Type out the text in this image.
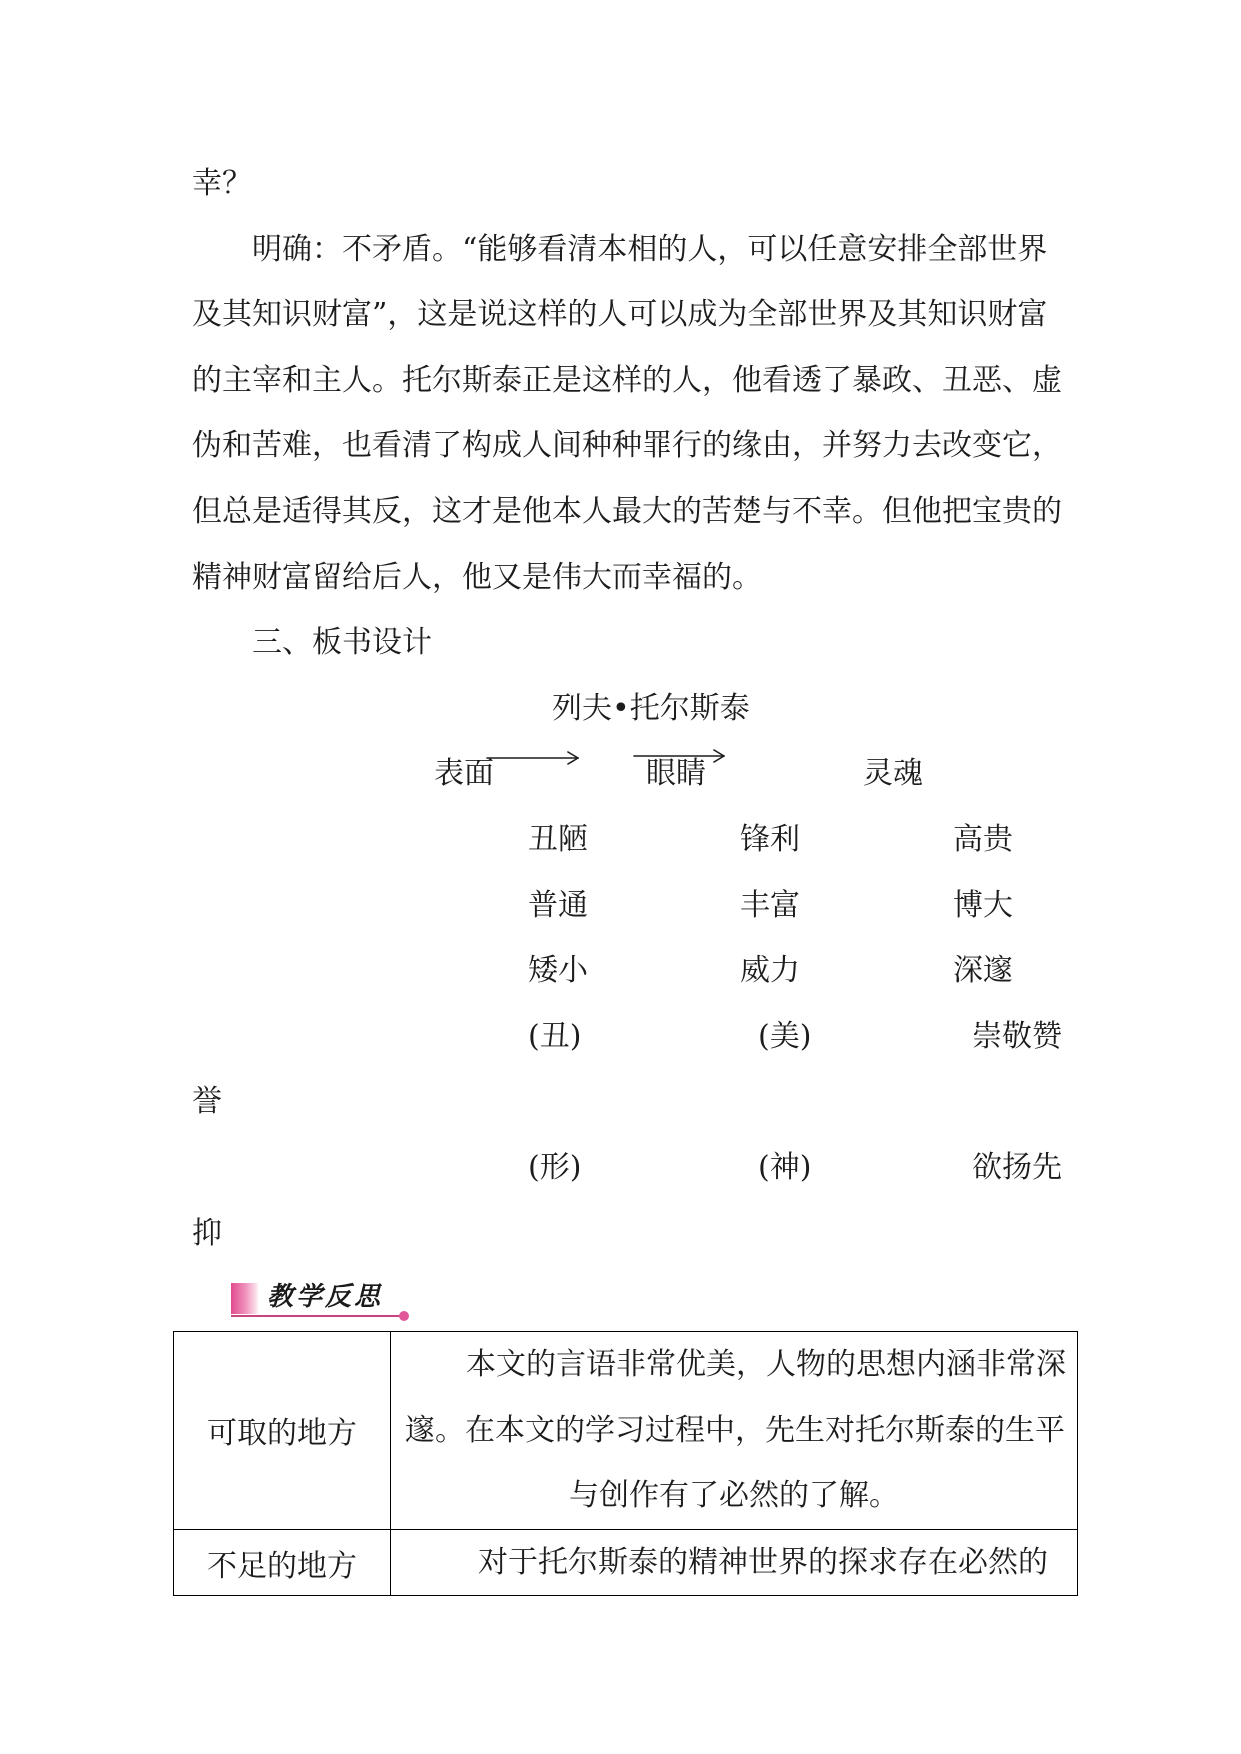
幸？
明确：不矛盾。“能够看清本相的人，可以任意安排全部世界
及其知识财富”，这是说这样的人可以成为全部世界及其知识财富
的主宰和主人。托尔斯泰正是这样的人，他看透了暴政、丑恶、虚
伪和苦难，也看清了构成人间种种罪行的缘由，并努力去改变它，
但总是适得其反，这才是他本人最大的苦楚与不幸。但他把宝贵的
精神财富留给后人，他又是伟大而幸福的。
三、板书设计
列夫•托尔斯泰
表面	眼睛	灵魂
丑陋	锋利	高贵
普通	丰富	博大
矮小	威力	深邃
(丑)	(美)	崇敬赞
誉
(形)	(神)	欲扬先
抑
教学反思
可取的地方	本文的言语非常优美，人物的思想内涵非常深
邃。在本文的学习过程中，先生对托尔斯泰的生平
与创作有了必然的了解。

不足的地方	对于托尔斯泰的精神世界的探求存在必然的
